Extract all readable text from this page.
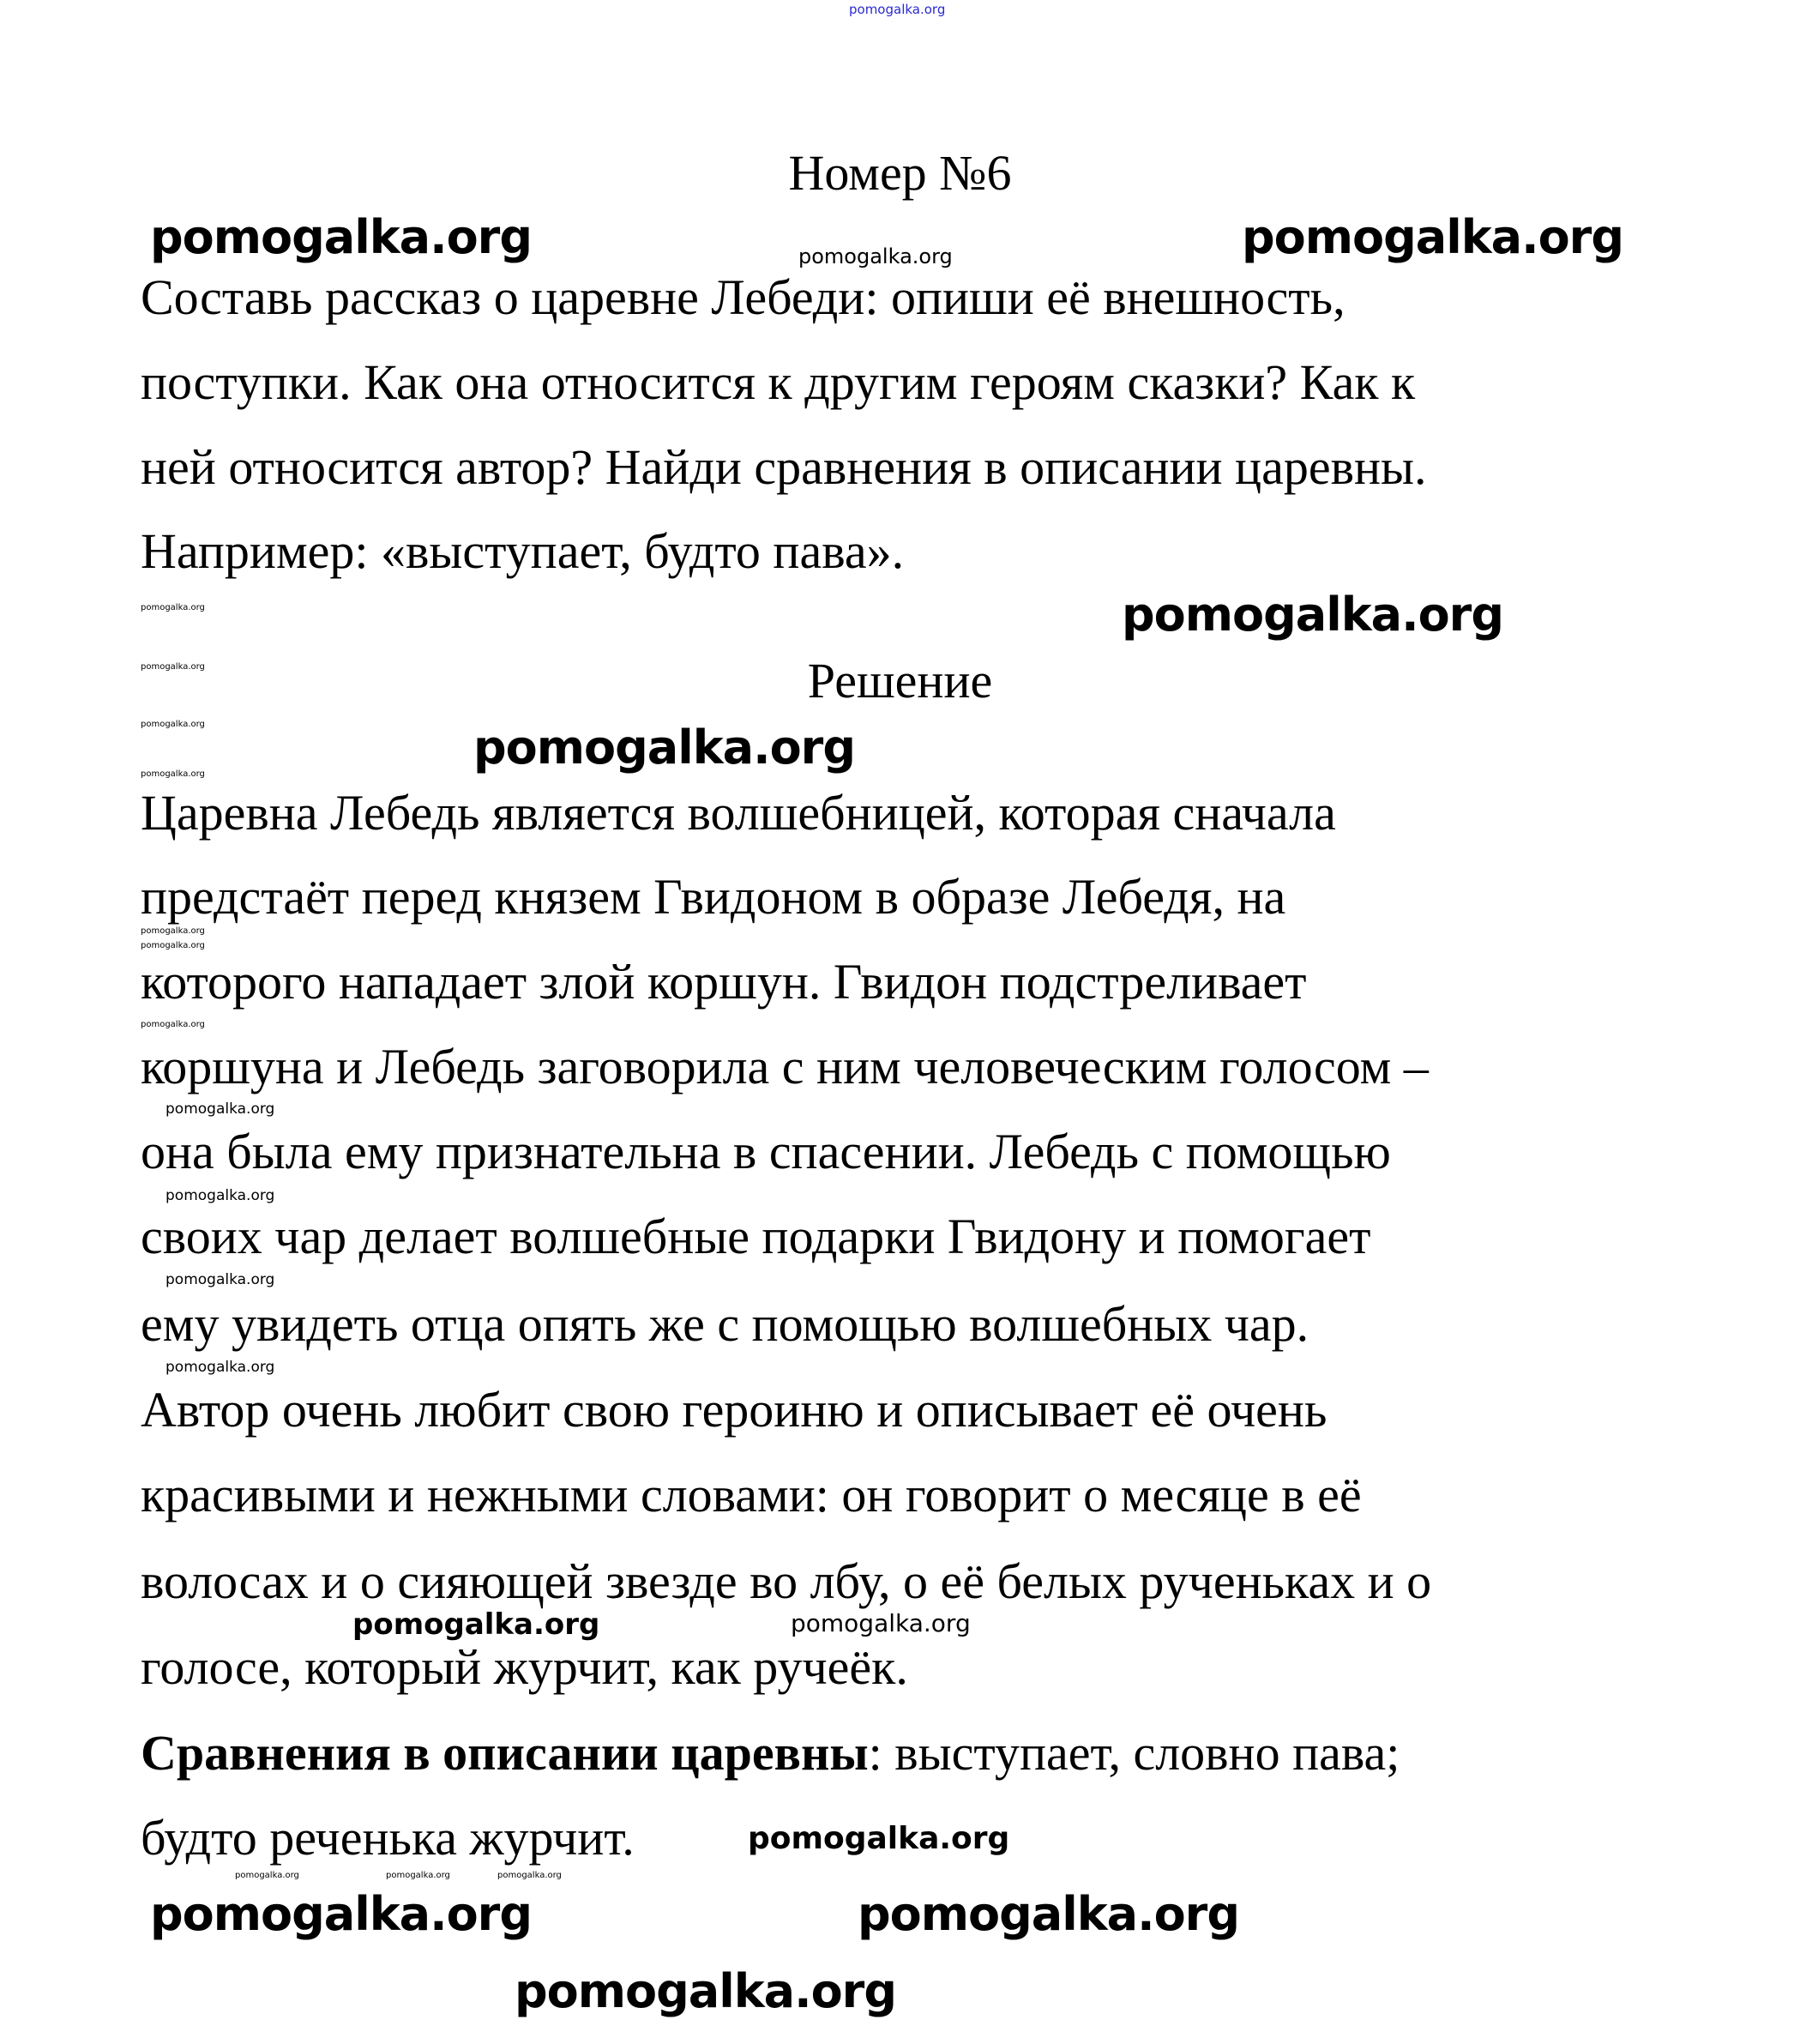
pomogalka.org
Номер №6
Составь рассказ о царевне Лебеди: опиши её внешность,
поступки. Как она относится к другим героям сказки? Как к
ней относится автор? Найди сравнения в описании царевны.
Например: «выступает, будто пава».
Решение
Царевна Лебедь является волшебницей, которая сначала
предстаёт перед князем Гвидоном в образе Лебедя, на
которого нападает злой коршун. Гвидон подстреливает
коршуна и Лебедь заговорила с ним человеческим голосом –
она была ему признательна в спасении. Лебедь с помощью
своих чар делает волшебные подарки Гвидону и помогает
ему увидеть отца опять же с помощью волшебных чар.
Автор очень любит свою героиню и описывает её очень
красивыми и нежными словами: он говорит о месяце в её
волосах и о сияющей звезде во лбу, о её белых рученьках и о
голосе, который журчит, как ручеёк.
Сравнения в описании царевны: выступает, словно пава;
будто реченька журчит.
pomogalka.org	pomogalka.org
pomogalka.org
pomogalka.org
pomogalka.org	pomogalka.org
pomogalka.org
pomogalka.org
pomogalka.org	pomogalka.org
pomogalka.org
pomogalka.org
pomogalka.org
pomogalka.org
pomogalka.org
pomogalka.org
pomogalka.org
pomogalka.org
pomogalka.org
pomogalka.org
pomogalka.org
pomogalka.org
pomogalka.org	pomogalka.org	pomogalka.org
